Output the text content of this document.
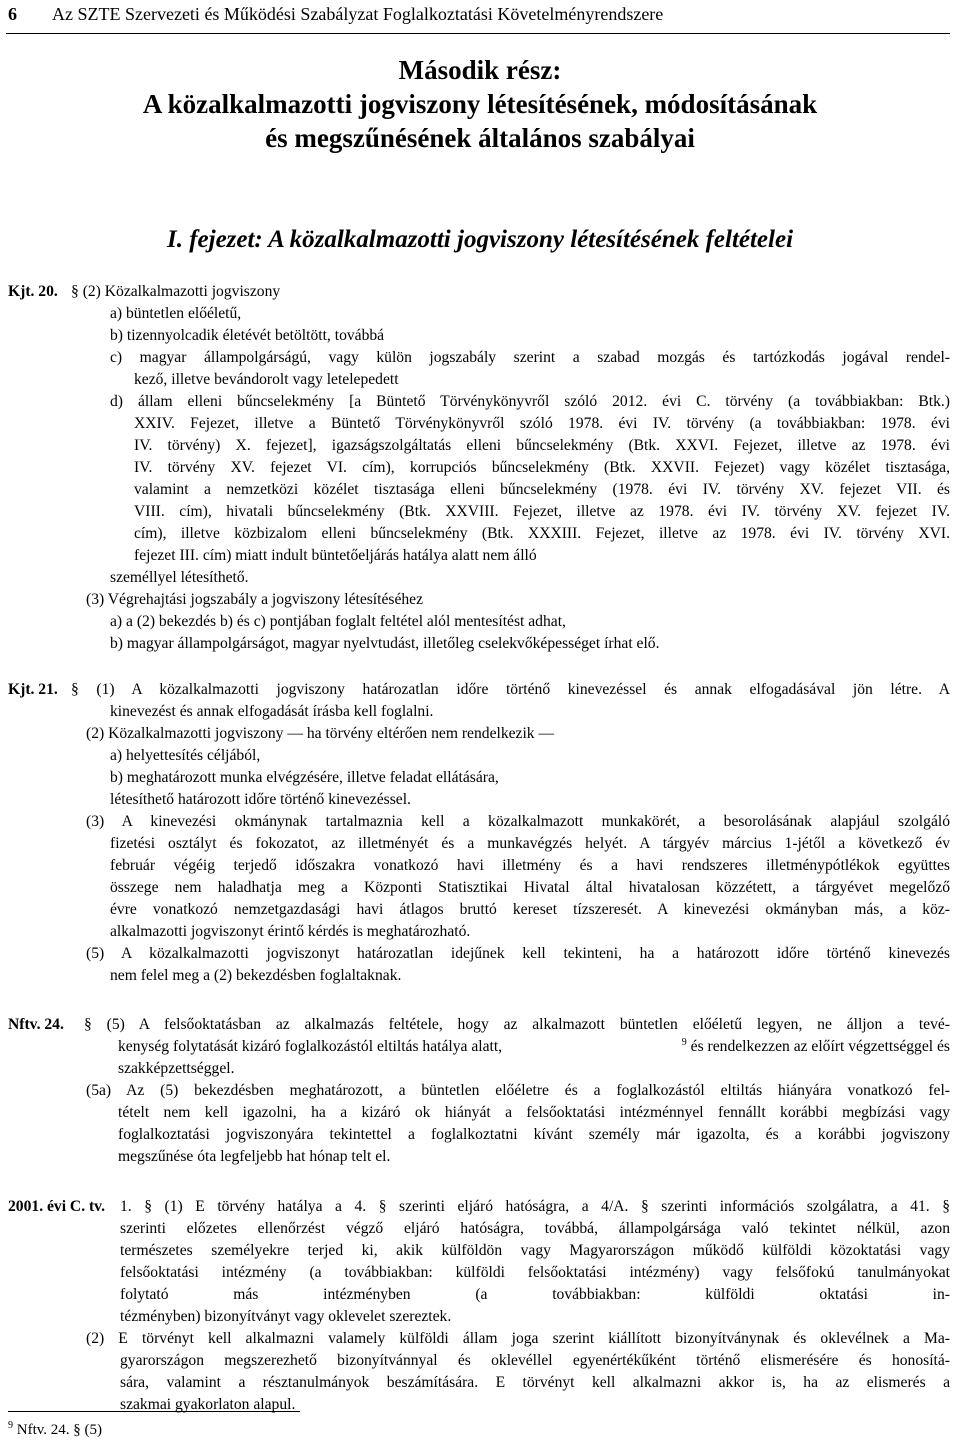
6 Az SZTE Szervezeti és Működési Szabályzat Foglalkoztatási Követelményrendszere
Második rész:
A közalkalmazotti jogviszony létesítésének, módosításának
és megszűnésének általános szabályai
I. fejezet: A közalkalmazotti jogviszony létesítésének feltételei
Kjt. 20. § (2) Közalkalmazotti jogviszony
a) büntetlen előéletű,
b) tizennyolcadik életévét betöltött, továbbá
c) magyar állampolgárságú, vagy külön jogszabály szerint a szabad mozgás és tartózkodás jogával rendel-
kező, illetve bevándorolt vagy letelepedett
d) állam elleni bűncselekmény [a Büntető Törvénykönyvről szóló 2012. évi C. törvény (a továbbiakban: Btk.)
XXIV. Fejezet, illetve a Büntető Törvénykönyvről szóló 1978. évi IV. törvény (a továbbiakban: 1978. évi
IV. törvény) X. fejezet], igazságszolgáltatás elleni bűncselekmény (Btk. XXVI. Fejezet, illetve az 1978. évi
IV. törvény XV. fejezet VI. cím), korrupciós bűncselekmény (Btk. XXVII. Fejezet) vagy közélet tisztasága,
valamint a nemzetközi közélet tisztasága elleni bűncselekmény (1978. évi IV. törvény XV. fejezet VII. és
VIII. cím), hivatali bűncselekmény (Btk. XXVIII. Fejezet, illetve az 1978. évi IV. törvény XV. fejezet IV.
cím), illetve közbizalom elleni bűncselekmény (Btk. XXXIII. Fejezet, illetve az 1978. évi IV. törvény XVI.
fejezet III. cím) miatt indult büntetőeljárás hatálya alatt nem álló
személlyel létesíthető.
(3) Végrehajtási jogszabály a jogviszony létesítéséhez
a) a (2) bekezdés b) és c) pontjában foglalt feltétel alól mentesítést adhat,
b) magyar állampolgárságot, magyar nyelvtudást, illetőleg cselekvőképességet írhat elő.
Kjt. 21. § (1) A közalkalmazotti jogviszony határozatlan időre történő kinevezéssel és annak elfogadásával jön létre. A
kinevezést és annak elfogadását írásba kell foglalni.
(2) Közalkalmazotti jogviszony — ha törvény eltérően nem rendelkezik —
a) helyettesítés céljából,
b) meghatározott munka elvégzésére, illetve feladat ellátására,
létesíthető határozott időre történő kinevezéssel.
(3) A kinevezési okmánynak tartalmaznia kell a közalkalmazott munkakörét, a besorolásának alapjául szolgáló
fizetési osztályt és fokozatot, az illetményét és a munkavégzés helyét. A tárgyév március 1-jétől a következő év
február végéig terjedő időszakra vonatkozó havi illetmény és a havi rendszeres illetménypótlékok együttes
összege nem haladhatja meg a Központi Statisztikai Hivatal által hivatalosan közzétett, a tárgyévet megelőző
évre vonatkozó nemzetgazdasági havi átlagos bruttó kereset tízszeresét. A kinevezési okmányban más, a köz-
alkalmazotti jogviszonyt érintő kérdés is meghatározható.
(5) A közalkalmazotti jogviszonyt határozatlan idejűnek kell tekinteni, ha a határozott időre történő kinevezés
nem felel meg a (2) bekezdésben foglaltaknak.
Nftv. 24. § (5) A felsőoktatásban az alkalmazás feltétele, hogy az alkalmazott büntetlen előéletű legyen, ne álljon a tevé-
kenység folytatását kizáró foglalkozástól eltiltás hatálya alatt,	$^9$ és rendelkezzen az előírt végzettséggel és
szakképzettséggel.
(5a) Az (5) bekezdésben meghatározott, a büntetlen előéletre és a foglalkozástól eltiltás hiányára vonatkozó fel-
tételt nem kell igazolni, ha a kizáró ok hiányát a felsőoktatási intézménnyel fennállt korábbi megbízási vagy
foglalkoztatási jogviszonyára tekintettel a foglalkoztatni kívánt személy már igazolta, és a korábbi jogviszony
megszűnése óta legfeljebb hat hónap telt el.
2001. évi C. tv. 1. § (1) E törvény hatálya a 4. § szerinti eljáró hatóságra, a 4/A. § szerinti információs szolgálatra, a 41. §
szerinti előzetes ellenőrzést végző eljáró hatóságra, továbbá, állampolgársága való tekintet nélkül, azon
természetes személyekre terjed ki, akik külföldön vagy Magyarországon működő külföldi közoktatási vagy
felsőoktatási intézmény (a továbbiakban: külföldi felsőoktatási intézmény) vagy felsőfokú tanulmányokat
folytató más intézményben (a továbbiakban: külföldi oktatási in-
tézményben) bizonyítványt vagy oklevelet szereztek.
(2) E törvényt kell alkalmazni valamely külföldi állam joga szerint kiállított bizonyítványnak és oklevélnek a Ma-
gyarországon megszerezhető bizonyítvánnyal és oklevéllel egyenértékűként történő elismerésére és honosítá-
sára, valamint a résztanulmányok beszámítására. E törvényt kell alkalmazni akkor is, ha az elismerés a
szakmai gyakorlaton alapul.
$^9$ Nftv. 24. § (5)
